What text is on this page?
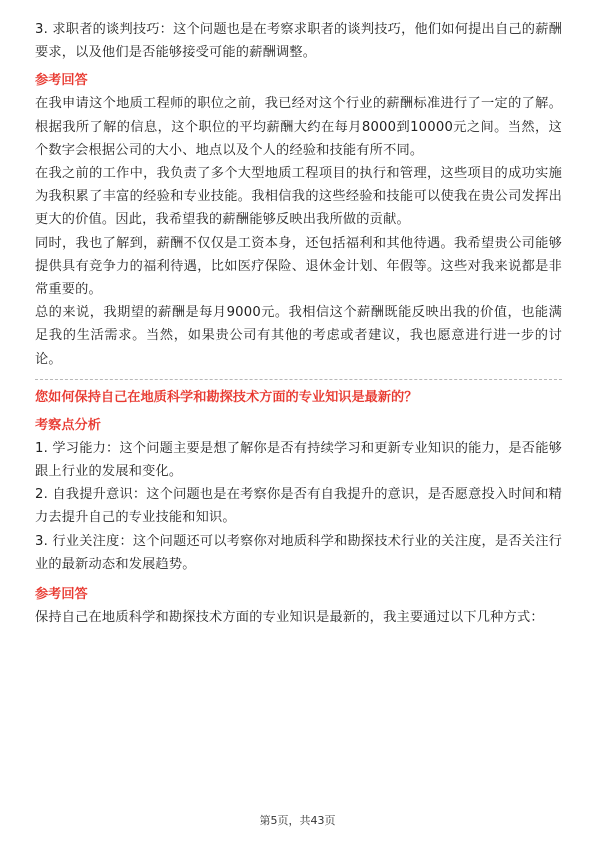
3. 求职者的谈判技巧：这个问题也是在考察求职者的谈判技巧，他们如何提出自己的薪酬要求，以及他们是否能够接受可能的薪酬调整。

参考回答

在我申请这个地质工程师的职位之前，我已经对这个行业的薪酬标准进行了一定的了解。根据我所了解的信息，这个职位的平均薪酬大约在每月8000到10000元之间。当然，这个数字会根据公司的大小、地点以及个人的经验和技能有所不同。

在我之前的工作中，我负责了多个大型地质工程项目的执行和管理，这些项目的成功实施为我积累了丰富的经验和专业技能。我相信我的这些经验和技能可以使我在贵公司发挥出更大的价值。因此，我希望我的薪酬能够反映出我所做的贡献。

同时，我也了解到，薪酬不仅仅是工资本身，还包括福利和其他待遇。我希望贵公司能够提供具有竞争力的福利待遇，比如医疗保险、退休金计划、年假等。这些对我来说都是非常重要的。

总的来说，我期望的薪酬是每月9000元。我相信这个薪酬既能反映出我的价值，也能满足我的生活需求。当然，如果贵公司有其他的考虑或者建议，我也愿意进行进一步的讨论。

您如何保持自己在地质科学和勘探技术方面的专业知识是最新的？

考察点分析

1. 学习能力：这个问题主要是想了解你是否有持续学习和更新专业知识的能力，是否能够跟上行业的发展和变化。

2. 自我提升意识：这个问题也是在考察你是否有自我提升的意识，是否愿意投入时间和精力去提升自己的专业技能和知识。

3. 行业关注度：这个问题还可以考察你对地质科学和勘探技术行业的关注度，是否关注行业的最新动态和发展趋势。

参考回答

保持自己在地质科学和勘探技术方面的专业知识是最新的，我主要通过以下几种方式：

第5页，共43页
